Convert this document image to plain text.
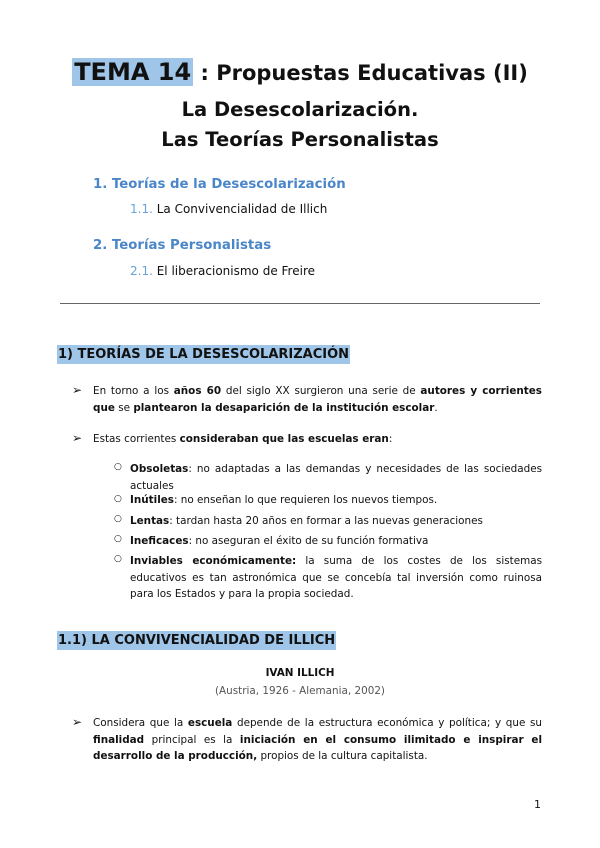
TEMA 14 : Propuestas Educativas (II)
La Desescolarización.
Las Teorías Personalistas
1. Teorías de la Desescolarización
1.1. La Convivencialidad de Illich
2. Teorías Personalistas
2.1. El liberacionismo de Freire
1) TEORÍAS DE LA DESESCOLARIZACIÓN
➢ En torno a los años 60 del siglo XX surgieron una serie de autores y corrientes que se plantearon la desaparición de la institución escolar.
➢ Estas corrientes consideraban que las escuelas eran:
○ Obsoletas: no adaptadas a las demandas y necesidades de las sociedades actuales
○ Inútiles: no enseñan lo que requieren los nuevos tiempos.
○ Lentas: tardan hasta 20 años en formar a las nuevas generaciones
○ Ineficaces: no aseguran el éxito de su función formativa
○ Inviables económicamente: la suma de los costes de los sistemas educativos es tan astronómica que se concebía tal inversión como ruinosa para los Estados y para la propia sociedad.
1.1) LA CONVIVENCIALIDAD DE ILLICH
IVAN ILLICH
(Austria, 1926 - Alemania, 2002)
➢ Considera que la escuela depende de la estructura económica y política; y que su finalidad principal es la iniciación en el consumo ilimitado e inspirar el desarrollo de la producción, propios de la cultura capitalista.
1
